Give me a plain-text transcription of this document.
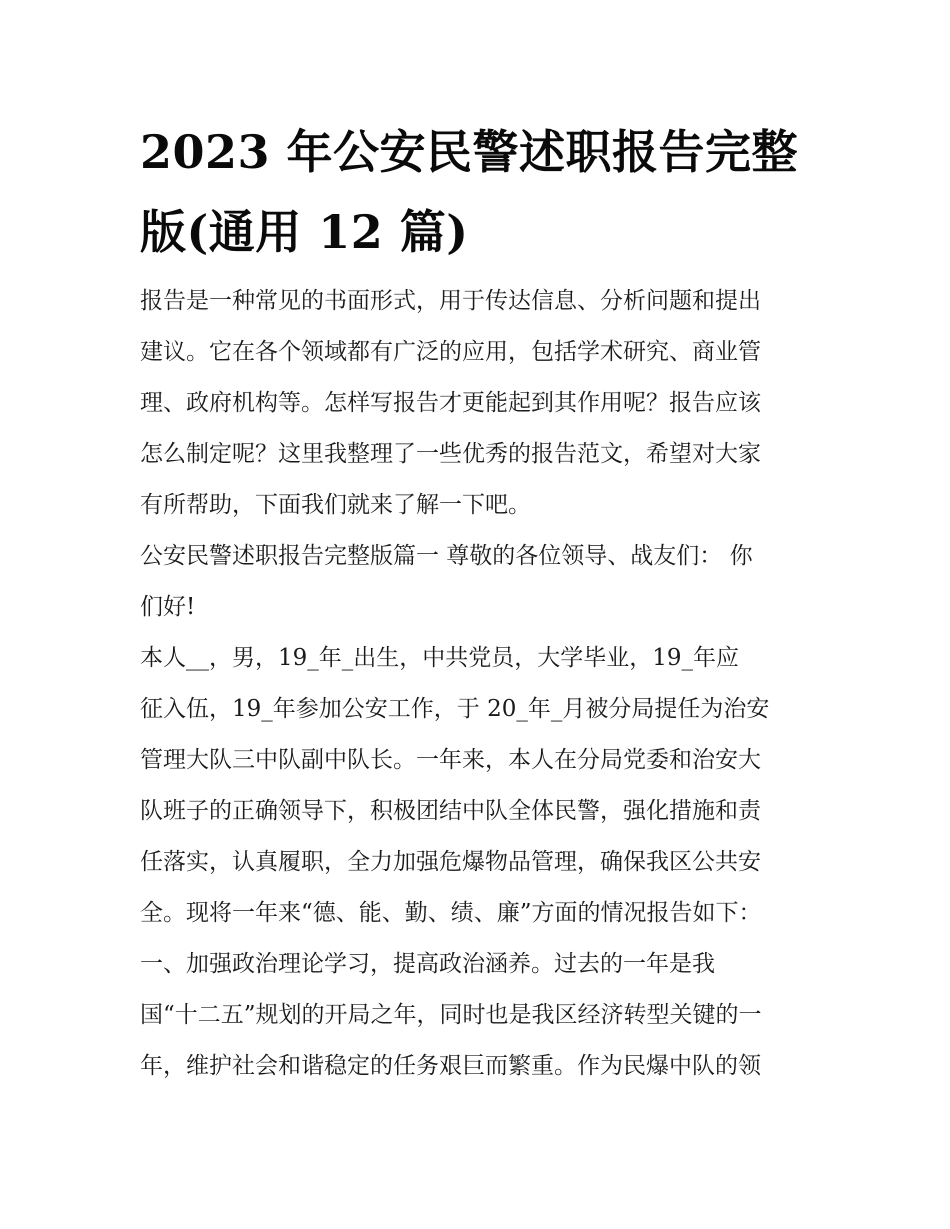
2023 年公安民警述职报告完整
版(通用 12 篇)
报告是一种常见的书面形式，用于传达信息、分析问题和提出
建议。它在各个领域都有广泛的应用，包括学术研究、商业管
理、政府机构等。怎样写报告才更能起到其作用呢？报告应该
怎么制定呢？这里我整理了一些优秀的报告范文，希望对大家
有所帮助，下面我们就来了解一下吧。
公安民警述职报告完整版篇一 尊敬的各位领导、战友们： 你
们好!
本人__，男，19_年_出生，中共党员，大学毕业，19_年应
征入伍，19_年参加公安工作，于 20_年_月被分局提任为治安
管理大队三中队副中队长。一年来，本人在分局党委和治安大
队班子的正确领导下，积极团结中队全体民警，强化措施和责
任落实，认真履职，全力加强危爆物品管理，确保我区公共安
全。现将一年来“德、能、勤、绩、廉”方面的情况报告如下：
一、加强政治理论学习，提高政治涵养。过去的一年是我
国“十二五”规划的开局之年，同时也是我区经济转型关键的一
年，维护社会和谐稳定的任务艰巨而繁重。作为民爆中队的领
